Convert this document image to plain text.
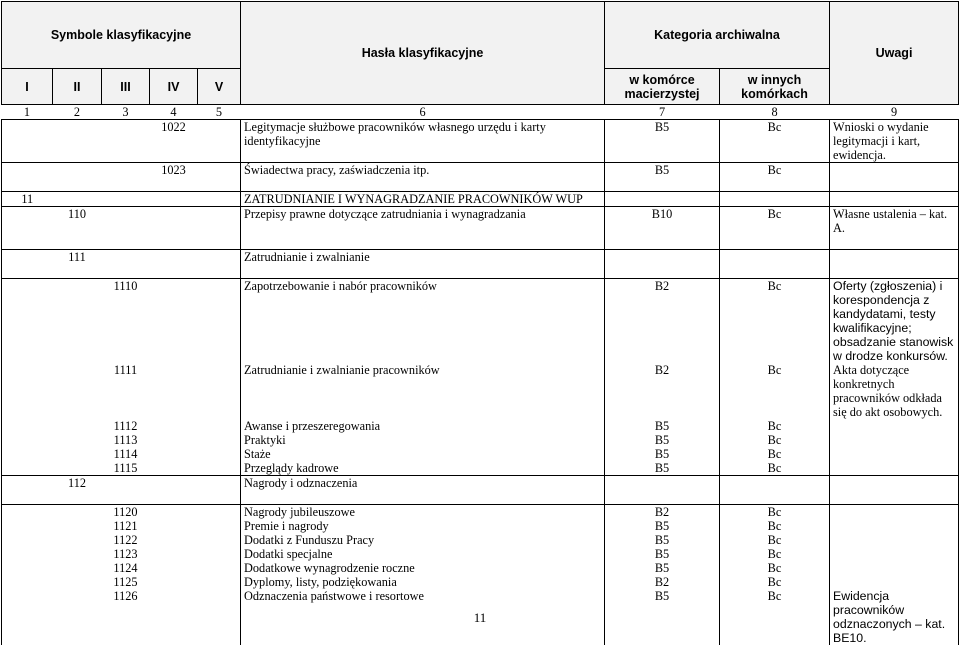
Symbole klasyfikacyjne					Hasła klasyfikacyjne	Kategoria archiwalna		Uwagi
I	II	III	IV	V		w komórce macierzystej	w innych komórkach	
1	2	3	4	5	6	7	8	9
			1022		Legitymacje służbowe pracowników własnego urzędu i karty identyfikacyjne	B5	Bc	Wnioski o wydanie legitymacji i kart, ewidencja.
			1023		Świadectwa pracy, zaświadczenia itp.	B5	Bc	

11					ZATRUDNIANIE I WYNAGRADZANIE PRACOWNIKÓW WUP			
	110				Przepisy prawne dotyczące zatrudniania i wynagradzania	B10	Bc	Własne ustalenia – kat. A.

	111				Zatrudnianie i zwalnianie			

		1110			Zapotrzebowanie i nabór pracowników	B2	Bc	Oferty (zgłoszenia) i korespondencja z kandydatami, testy kwalifikacyjne; obsadzanie stanowisk w drodze konkursów.
		1111			Zatrudnianie i zwalnianie pracowników	B2	Bc	Akta dotyczące konkretnych pracowników odkłada się do akt osobowych.
		1112			Awanse i przeszeregowania	B5	Bc	
		1113			Praktyki	B5	Bc	
		1114			Staże	B5	Bc	
		1115			Przeglądy kadrowe	B5	Bc	
	112				Nagrody i odznaczenia			

		1120			Nagrody jubileuszowe	B2	Bc	
		1121			Premie i nagrody	B5	Bc	
		1122			Dodatki z Funduszu Pracy	B5	Bc	
		1123			Dodatki specjalne	B5	Bc	
		1124			Dodatkowe wynagrodzenie roczne	B5	Bc	
		1125			Dyplomy, listy, podziękowania	B2	Bc	
		1126			Odznaczenia państwowe i resortowe	B5	Bc	Ewidencja pracowników odznaczonych – kat. BE10.
11
